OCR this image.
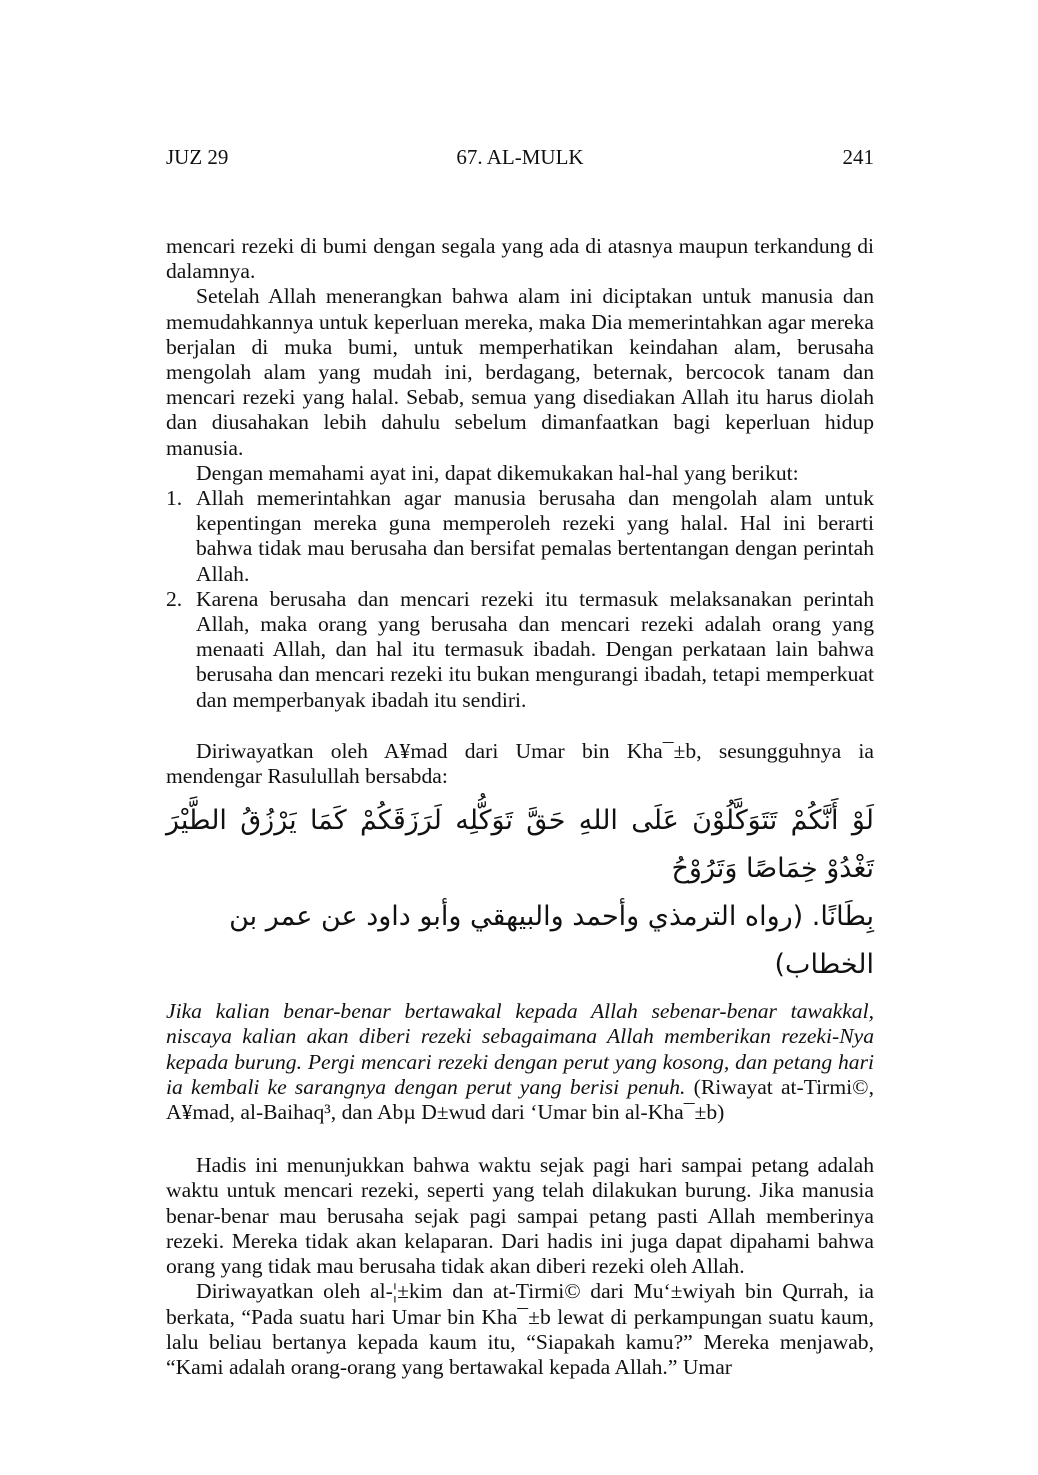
JUZ 29	67. AL-MULK	241

mencari rezeki di bumi dengan segala yang ada di atasnya maupun terkandung di dalamnya.

Setelah Allah menerangkan bahwa alam ini diciptakan untuk manusia dan memudahkannya untuk keperluan mereka, maka Dia memerintahkan agar mereka berjalan di muka bumi, untuk memperhatikan keindahan alam, berusaha mengolah alam yang mudah ini, berdagang, beternak, bercocok tanam dan mencari rezeki yang halal. Sebab, semua yang disediakan Allah itu harus diolah dan diusahakan lebih dahulu sebelum dimanfaatkan bagi keperluan hidup manusia.

Dengan memahami ayat ini, dapat dikemukakan hal-hal yang berikut:

1. Allah memerintahkan agar manusia berusaha dan mengolah alam untuk kepentingan mereka guna memperoleh rezeki yang halal. Hal ini berarti bahwa tidak mau berusaha dan bersifat pemalas bertentangan dengan perintah Allah.
2. Karena berusaha dan mencari rezeki itu termasuk melaksanakan perintah Allah, maka orang yang berusaha dan mencari rezeki adalah orang yang menaati Allah, dan hal itu termasuk ibadah. Dengan perkataan lain bahwa berusaha dan mencari rezeki itu bukan mengurangi ibadah, tetapi memperkuat dan memperbanyak ibadah itu sendiri.

Diriwayatkan oleh A¥mad dari Umar bin Kha¯±b, sesungguhnya ia mendengar Rasulullah bersabda:

لَوْ أَنَّكُمْ تَتَوَكَّلُوْنَ عَلَى اللهِ حَقَّ تَوَكُّلِه لَرَزَقَكُمْ كَمَا يَرْزُقُ الطَّيْرَ تَغْدُوْ خِمَاصًا وَتَرُوْحُ
بِطَانًا. (رواه الترمذي وأحمد والبيهقي وأبو داود عن عمر بن الخطاب)

Jika kalian benar-benar bertawakal kepada Allah sebenar-benar tawakkal, niscaya kalian akan diberi rezeki sebagaimana Allah memberikan rezeki-Nya kepada burung. Pergi mencari rezeki dengan perut yang kosong, dan petang hari ia kembali ke sarangnya dengan perut yang berisi penuh. (Riwayat at-Tirmi©, A¥mad, al-Baihaq³, dan Abµ D±wud dari ‘Umar bin al-Kha¯±b)

Hadis ini menunjukkan bahwa waktu sejak pagi hari sampai petang adalah waktu untuk mencari rezeki, seperti yang telah dilakukan burung. Jika manusia benar-benar mau berusaha sejak pagi sampai petang pasti Allah memberinya rezeki. Mereka tidak akan kelaparan. Dari hadis ini juga dapat dipahami bahwa orang yang tidak mau berusaha tidak akan diberi rezeki oleh Allah.

Diriwayatkan oleh al-¦±kim dan at-Tirmi© dari Mu‘±wiyah bin Qurrah, ia berkata, “Pada suatu hari Umar bin Kha¯±b lewat di perkampungan suatu kaum, lalu beliau bertanya kepada kaum itu, “Siapakah kamu?” Mereka menjawab, “Kami adalah orang-orang yang bertawakal kepada Allah.” Umar
